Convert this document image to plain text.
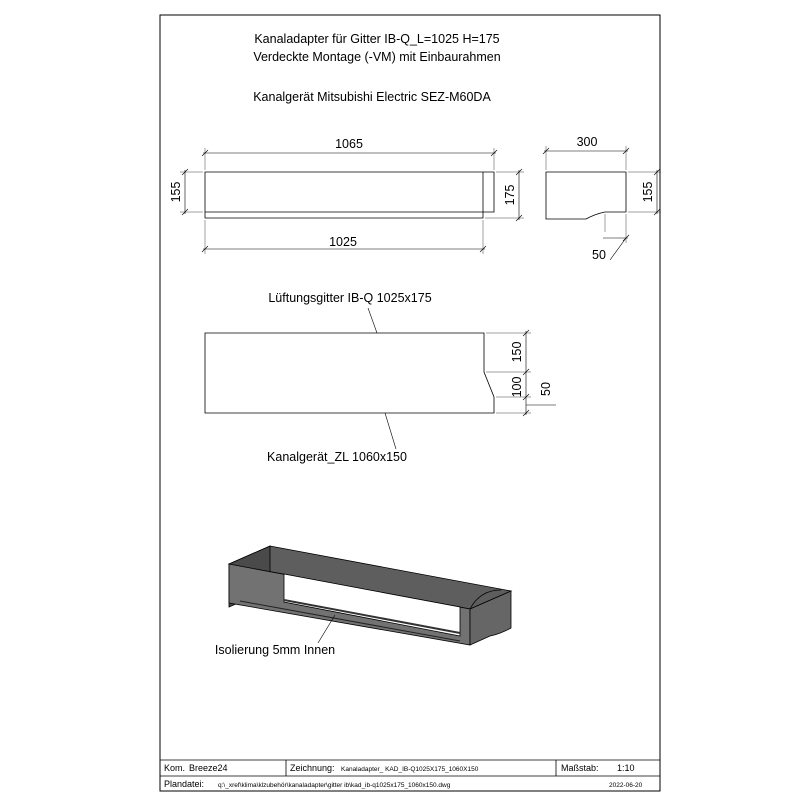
Kanaladapter für Gitter IB-Q_L=1025 H=175
Verdeckte Montage (-VM) mit Einbaurahmen
Kanalgerät Mitsubishi Electric SEZ-M60DA
1065
1025
155	175
300
155
50
Lüftungsgitter IB-Q 1025x175
Kanalgerät_ZL 1060x150
150
100 50
Isolierung 5mm Innen
Kom. Breeze24	Zeichnung: Kanaladapter_ KAD_IB-Q1025X175_1060X150	Maßstab: 1:10
Plandatei: q:\_xref\klima\klzubehör\kanaladapter\gitter ib\kad_ib-q1025x175_1060x150.dwg	2022-06-20
